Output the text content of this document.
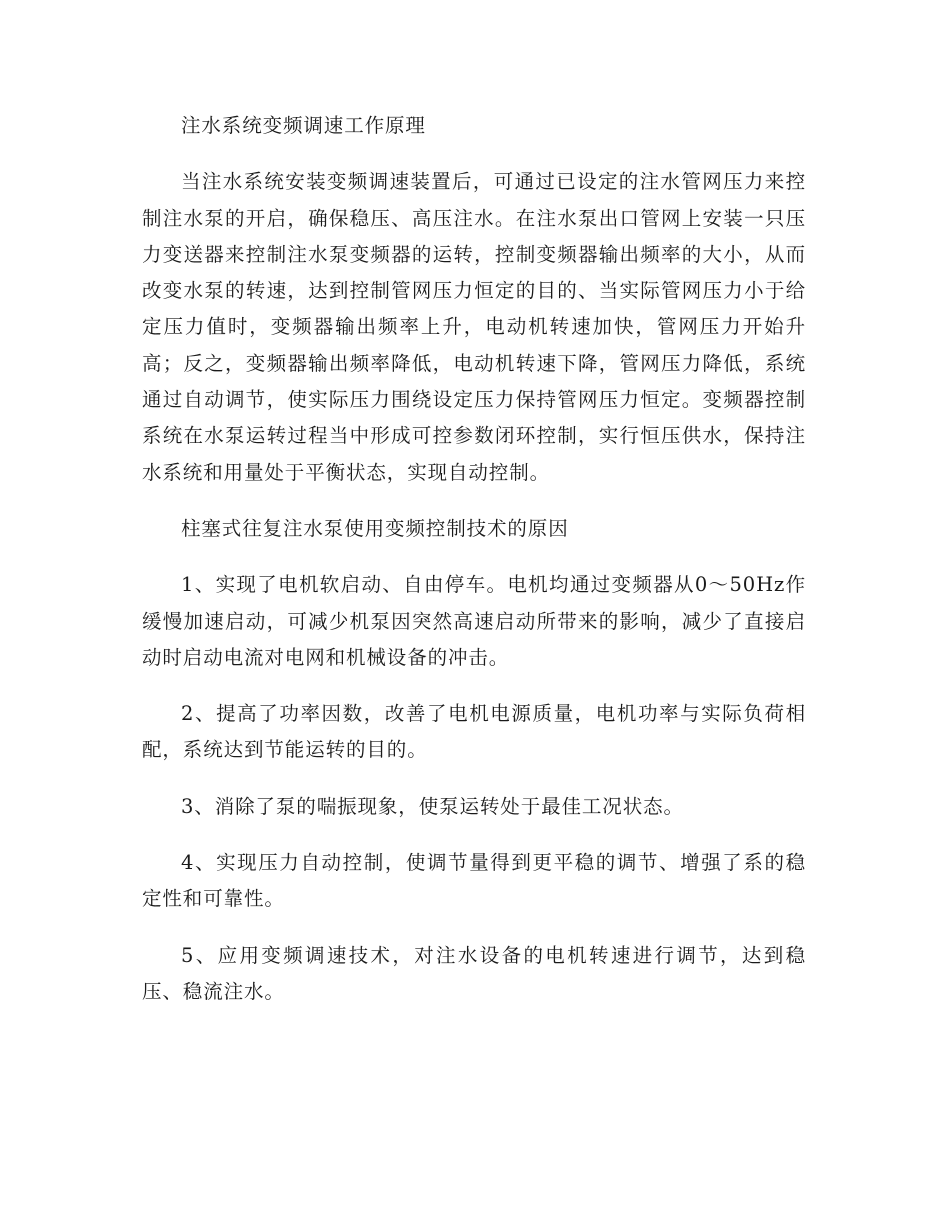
注水系统变频调速工作原理

当注水系统安装变频调速装置后，可通过已设定的注水管网压力来控制注水泵的开启，确保稳压、高压注水。在注水泵出口管网上安装一只压力变送器来控制注水泵变频器的运转，控制变频器输出频率的大小，从而改变水泵的转速，达到控制管网压力恒定的目的、当实际管网压力小于给定压力值时，变频器输出频率上升，电动机转速加快，管网压力开始升高；反之，变频器输出频率降低，电动机转速下降，管网压力降低，系统通过自动调节，使实际压力围绕设定压力保持管网压力恒定。变频器控制系统在水泵运转过程当中形成可控参数闭环控制，实行恒压供水，保持注水系统和用量处于平衡状态，实现自动控制。

柱塞式往复注水泵使用变频控制技术的原因

1、实现了电机软启动、自由停车。电机均通过变频器从0～50Hz作缓慢加速启动，可减少机泵因突然高速启动所带来的影响，减少了直接启动时启动电流对电网和机械设备的冲击。

2、提高了功率因数，改善了电机电源质量，电机功率与实际负荷相配，系统达到节能运转的目的。

3、消除了泵的喘振现象，使泵运转处于最佳工况状态。

4、实现压力自动控制，使调节量得到更平稳的调节、增强了系的稳定性和可靠性。

5、应用变频调速技术，对注水设备的电机转速进行调节，达到稳压、稳流注水。
